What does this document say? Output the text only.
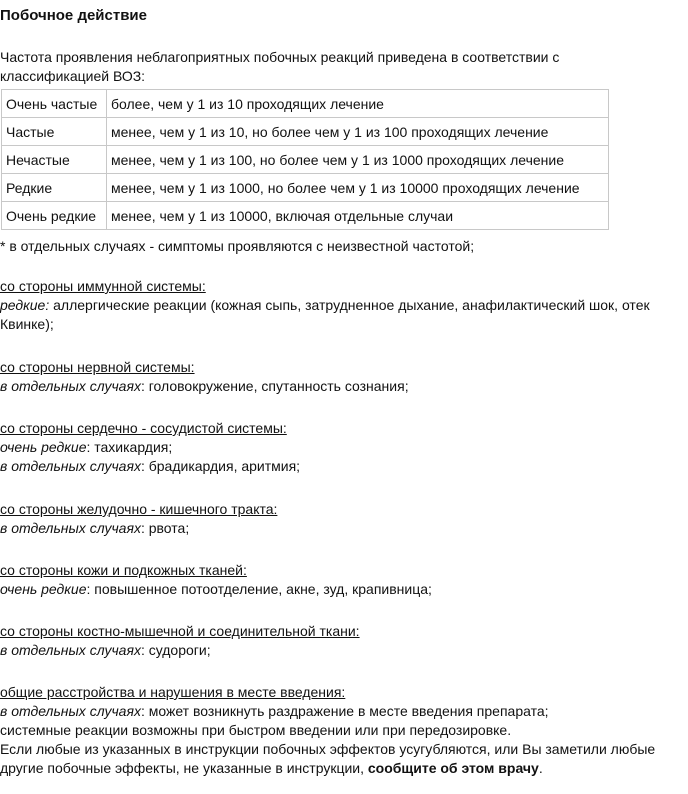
Побочное действие
Частота проявления неблагоприятных побочных реакций приведена в соответствии с классификацией ВОЗ:
Очень частые	более, чем у 1 из 10 проходящих лечение
Частые	менее, чем у 1 из 10, но более чем у 1 из 100 проходящих лечение
Нечастые	менее, чем у 1 из 100, но более чем у 1 из 1000 проходящих лечение
Редкие	менее, чем у 1 из 1000, но более чем у 1 из 10000 проходящих лечение
Очень редкие	менее, чем у 1 из 10000, включая отдельные случаи
* в отдельных случаях - симптомы проявляются с неизвестной частотой;
со стороны иммунной системы:
редкие: аллергические реакции (кожная сыпь, затрудненное дыхание, анафилактический шок, отек Квинке);
со стороны нервной системы:
в отдельных случаях: головокружение, спутанность сознания;
со стороны сердечно - сосудистой системы:
очень редкие: тахикардия;
в отдельных случаях: брадикардия, аритмия;
со стороны желудочно - кишечного тракта:
в отдельных случаях: рвота;
со стороны кожи и подкожных тканей:
очень редкие: повышенное потоотделение, акне, зуд, крапивница;
со стороны костно-мышечной и соединительной ткани:
в отдельных случаях: судороги;
общие расстройства и нарушения в месте введения:
в отдельных случаях: может возникнуть раздражение в месте введения препарата;
системные реакции возможны при быстром введении или при передозировке.
Если любые из указанных в инструкции побочных эффектов усугубляются, или Вы заметили любые другие побочные эффекты, не указанные в инструкции, сообщите об этом врачу.
